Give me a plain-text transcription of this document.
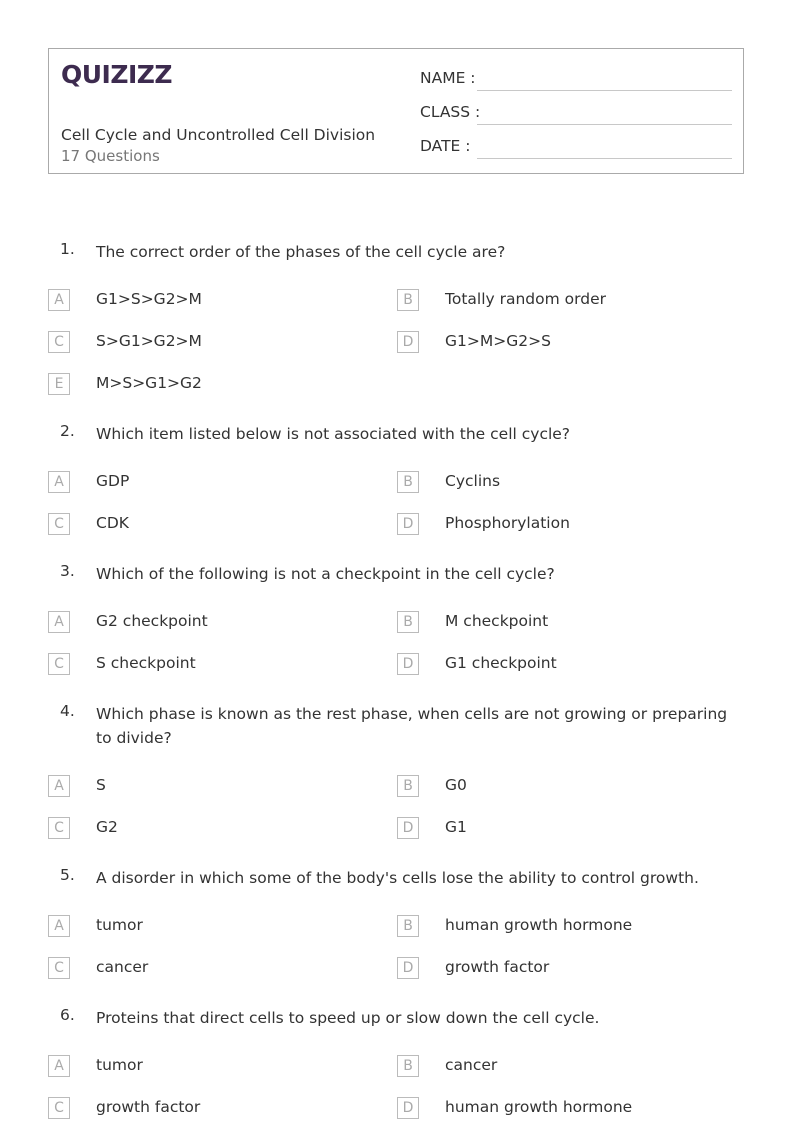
QUIZIZZ
Cell Cycle and Uncontrolled Cell Division
17 Questions
NAME :
CLASS :
DATE :
1. The correct order of the phases of the cell cycle are?
A	G1>S>G2>M	B	Totally random order
C	S>G1>G2>M	D	G1>M>G2>S
E	M>S>G1>G2
2. Which item listed below is not associated with the cell cycle?
A	GDP	B	Cyclins
C	CDK	D	Phosphorylation
3. Which of the following is not a checkpoint in the cell cycle?
A	G2 checkpoint	B	M checkpoint
C	S checkpoint	D	G1 checkpoint
4. Which phase is known as the rest phase, when cells are not growing or preparing to divide?
A	S	B	G0
C	G2	D	G1
5. A disorder in which some of the body's cells lose the ability to control growth.
A	tumor	B	human growth hormone
C	cancer	D	growth factor
6. Proteins that direct cells to speed up or slow down the cell cycle.
A	tumor	B	cancer
C	growth factor	D	human growth hormone
